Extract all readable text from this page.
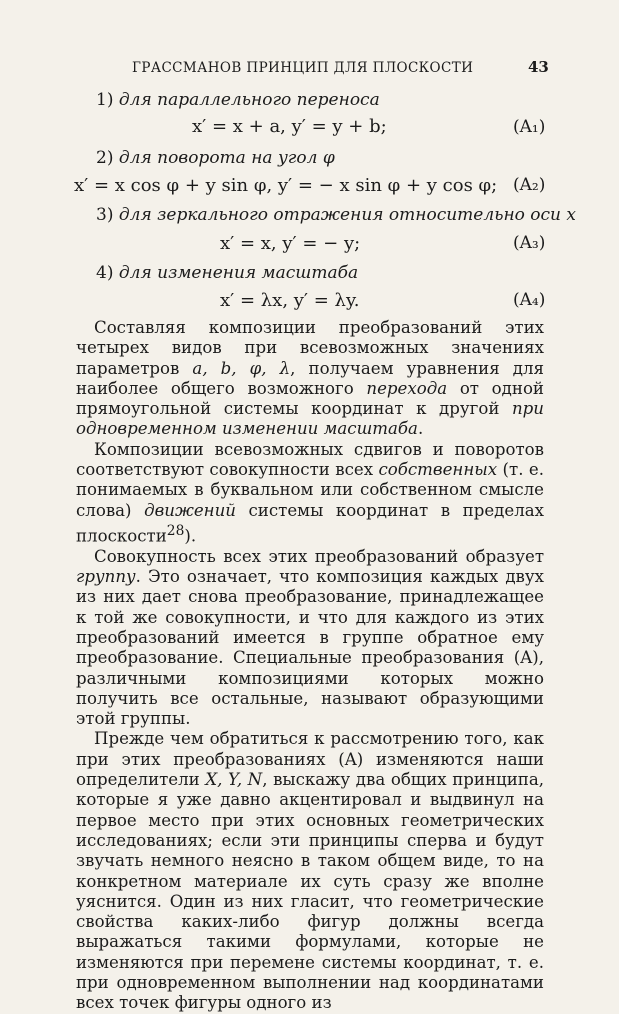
ГРАССМАНОВ ПРИНЦИП ДЛЯ ПЛОСКОСТИ	43
1) для параллельного переноса
x′ = x + a, y′ = y + b;	(A₁)
2) для поворота на угол φ
x′ = x cos φ + y sin φ, y′ = − x sin φ + y cos φ; (A₂)
3) для зеркального отражения относительно оси x
x′ = x, y′ = − y;	(A₃)
4) для изменения масштаба
x′ = λx, y′ = λy.	(A₄)

Составляя композиции преобразований этих четырех видов при всевозможных значениях параметров a, b, φ, λ, получаем уравнения для наиболее общего возможного перехода от одной прямоугольной системы координат к другой при одновременном изменении масштаба.

Композиции всевозможных сдвигов и поворотов соответствуют совокупности всех собственных (т. е. понимаемых в буквальном или собственном смысле слова) движений системы координат в пределах плоскости$^{28}$).

Совокупность всех этих преобразований образует группу. Это означает, что композиция каждых двух из них дает снова преобразование, принадлежащее к той же совокупности, и что для каждого из этих преобразований имеется в группе обратное ему преобразование. Специальные преобразования (A), различными композициями которых можно получить все остальные, называют образующими этой группы.

Прежде чем обратиться к рассмотрению того, как при этих преобразованиях (A) изменяются наши определители X, Y, N, выскажу два общих принципа, которые я уже давно акцентировал и выдвинул на первое место при этих основных геометрических исследованиях; если эти принципы сперва и будут звучать немного неясно в таком общем виде, то на конкретном материале их суть сразу же вполне уяснится. Один из них гласит, что геометрические свойства каких-либо фигур должны всегда выражаться такими формулами, которые не изменяются при перемене системы координат, т. е. при одновременном выполнении над координатами всех точек фигуры одного из
